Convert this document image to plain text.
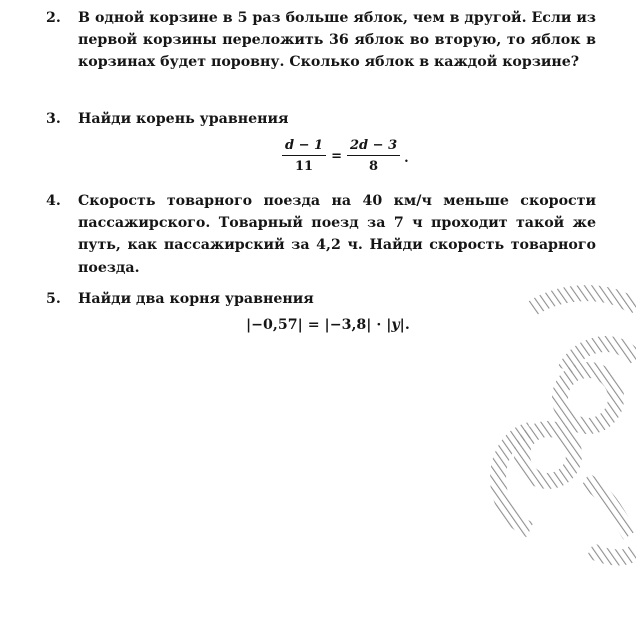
2. В одной корзине в 5 раз больше яблок, чем в другой. Если из первой корзины переложить 36 яблок во вторую, то яблок в корзинах будет поровну. Сколько яблок в каждой корзине?
3. Найди корень уравнения
$\frac{d - 1}{11} = \frac{2d - 3}{8}$ .
4. Скорость товарного поезда на 40 км/ч меньше скорости пассажирского. Товарный поезд за 7 ч проходит такой же путь, как пассажирский за 4,2 ч. Найди скорость товарного поезда.
5. Найди два корня уравнения
|−0,57| = |−3,8| · |y|.
